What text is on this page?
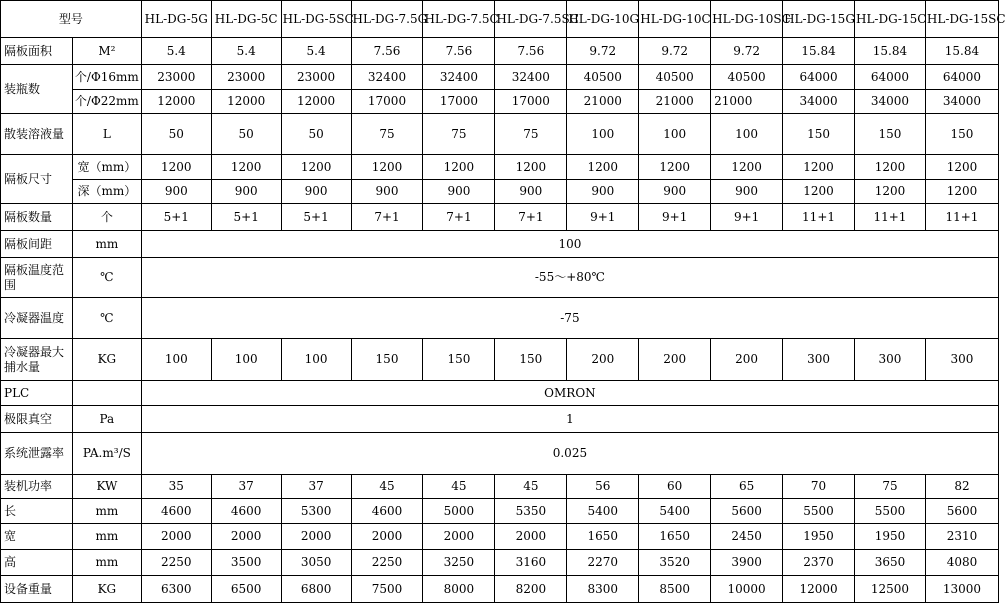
型号		HL-DG-5G	HL-DG-5C	HL-DG-5SC	HL-DG-7.5G	HL-DG-7.5C	HL-DG-7.5SC	HL-DG-10G	HL-DG-10C	HL-DG-10SC	HL-DG-15G	HL-DG-15C	HL-DG-15SC
隔板面积	M²	5.4	5.4	5.4	7.56	7.56	7.56	9.72	9.72	9.72	15.84	15.84	15.84
装瓶数	个/Φ16mm	23000	23000	23000	32400	32400	32400	40500	40500	40500	64000	64000	64000
	个/Φ22mm	12000	12000	12000	17000	17000	17000	21000	21000	21000	34000	34000	34000
散装溶液量	L	50	50	50	75	75	75	100	100	100	150	150	150
隔板尺寸	宽（mm）	1200	1200	1200	1200	1200	1200	1200	1200	1200	1200	1200	1200
	深（mm）	900	900	900	900	900	900	900	900	900	1200	1200	1200
隔板数量	个	5+1	5+1	5+1	7+1	7+1	7+1	9+1	9+1	9+1	11+1	11+1	11+1
隔板间距	mm	100											
隔板温度范围	℃	-55～+80℃											
冷凝器温度	℃	-75											
冷凝器最大捕水量	KG	100	100	100	150	150	150	200	200	200	300	300	300
PLC		OMRON											
极限真空	Pa	1											
系统泄露率	PA.m³/S	0.025											
装机功率	KW	35	37	37	45	45	45	56	60	65	70	75	82
长	mm	4600	4600	5300	4600	5000	5350	5400	5400	5600	5500	5500	5600
宽	mm	2000	2000	2000	2000	2000	2000	1650	1650	2450	1950	1950	2310
高	mm	2250	3500	3050	2250	3250	3160	2270	3520	3900	2370	3650	4080
设备重量	KG	6300	6500	6800	7500	8000	8200	8300	8500	10000	12000	12500	13000
